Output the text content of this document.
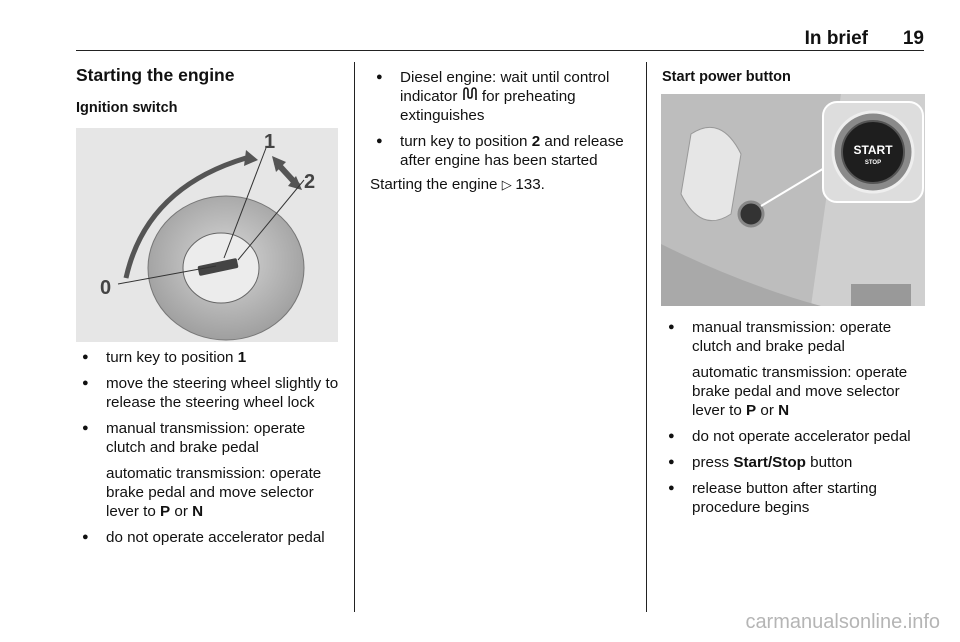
In brief 19
Starting the engine
Ignition switch
0
1
2
● turn key to position 1
● move the steering wheel slightly to release the steering wheel lock
● manual transmission: operate clutch and brake pedal
automatic transmission: operate brake pedal and move selector lever to P or N
● do not operate accelerator pedal
● Diesel engine: wait until control indicator  for preheating extinguishes
● turn key to position 2 and release after engine has been started
Starting the engine ▷ 133.
Start power button
START
STOP
● manual transmission: operate clutch and brake pedal
automatic transmission: operate brake pedal and move selector lever to P or N
● do not operate accelerator pedal
● press Start/Stop button
● release button after starting procedure begins
carmanualsonline.info
